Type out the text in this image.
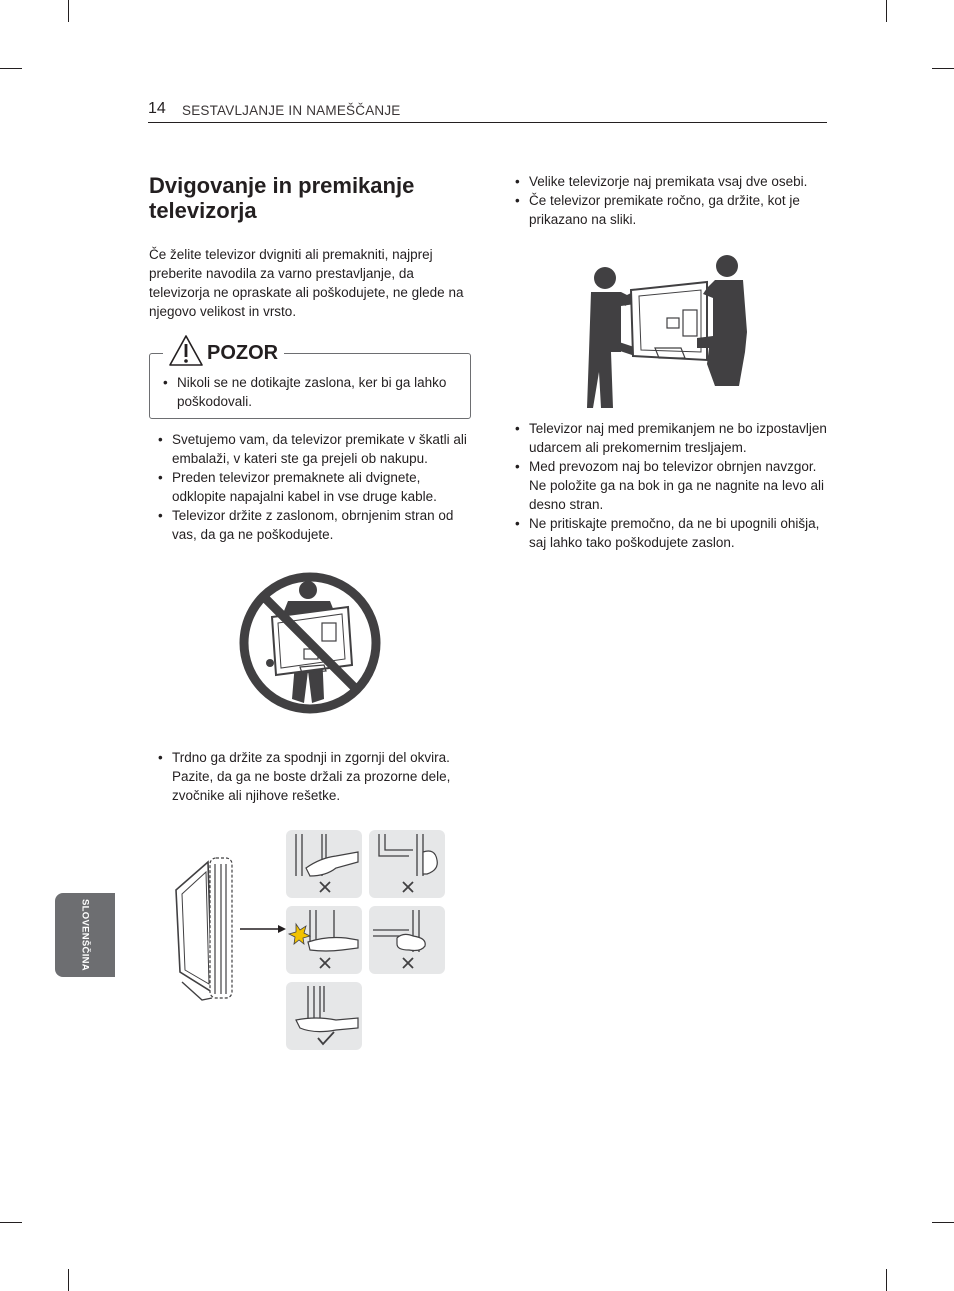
14 SESTAVLJANJE IN NAMEŠČANJE
Dvigovanje in premikanje televizorja

Če želite televizor dvigniti ali premakniti, najprej preberite navodila za varno prestavljanje, da televizorja ne opraskate ali poškodujete, ne glede na njegovo velikost in vrsto.

• Nikoli se ne dotikajte zaslona, ker bi ga lahko poškodovali.
POZOR
• Svetujemo vam, da televizor premikate v škatli ali embalaži, v kateri ste ga prejeli ob nakupu.
• Preden televizor premaknete ali dvignete, odklopite napajalni kabel in vse druge kable.
• Televizor držite z zaslonom, obrnjenim stran od vas, da ga ne poškodujete.
• Trdno ga držite za spodnji in zgornji del okvira. Pazite, da ga ne boste držali za prozorne dele, zvočnike ali njihove rešetke.
• Velike televizorje naj premikata vsaj dve osebi.
• Če televizor premikate ročno, ga držite, kot je prikazano na sliki.
• Televizor naj med premikanjem ne bo izpostavljen udarcem ali prekomernim tresljajem.
• Med prevozom naj bo televizor obrnjen navzgor. Ne položite ga na bok in ga ne nagnite na levo ali desno stran.
• Ne pritiskajte premočno, da ne bi upognili ohišja, saj lahko tako poškodujete zaslon.
SLOVENŠČINA
